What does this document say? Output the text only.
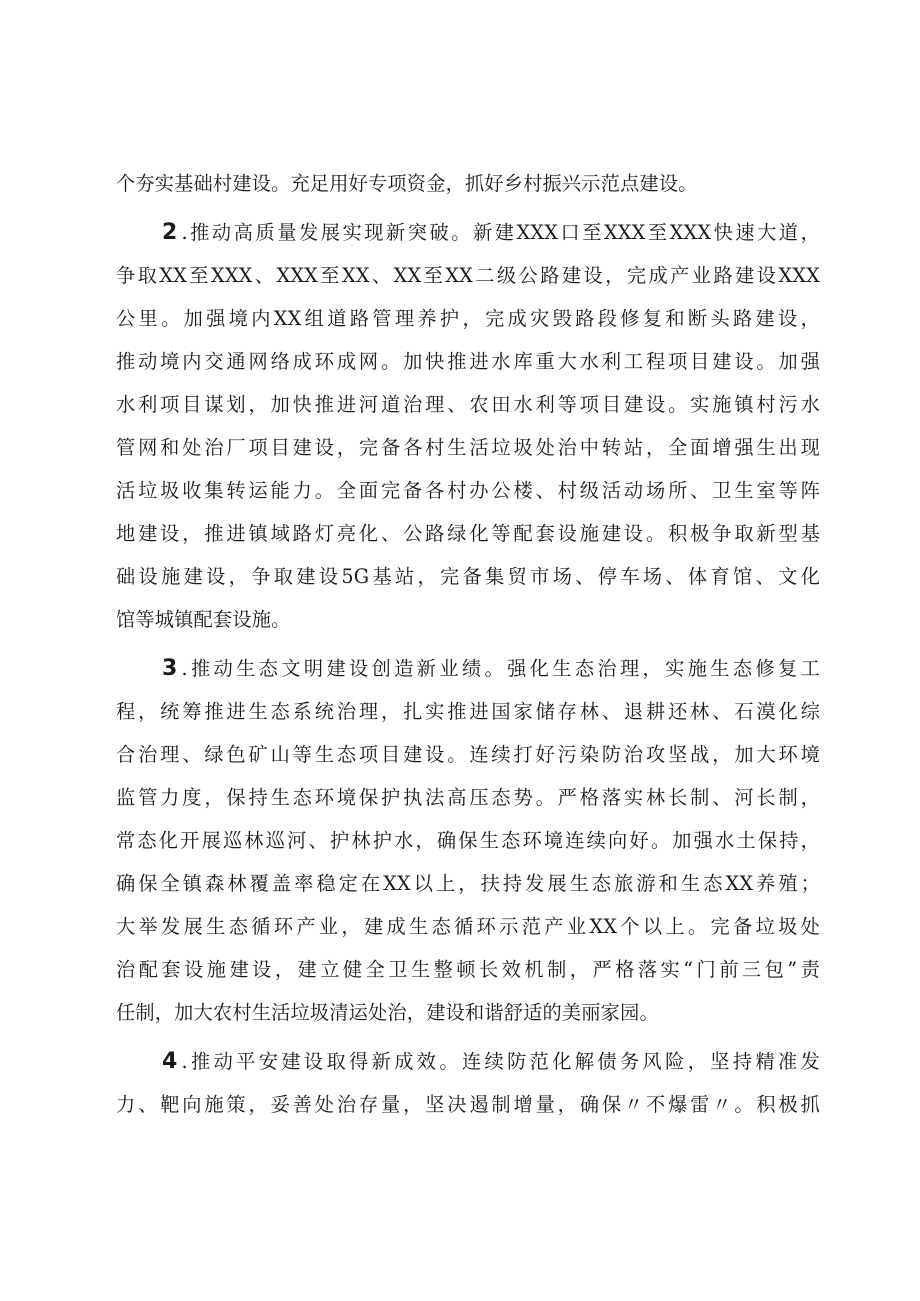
个夯实基础村建设。充足用好专项资金，抓好乡村振兴示范点建设。
2 .推动高质量发展实现新突破。新建XXX口至XXX至XXX快速大道，
争取XX至XXX、XXX至XX、XX至XX二级公路建设，完成产业路建设XXX
公里。加强境内XX组道路管理养护，完成灾毁路段修复和断头路建设，
推动境内交通网络成环成网。加快推进水库重大水利工程项目建设。加强
水利项目谋划，加快推进河道治理、农田水利等项目建设。实施镇村污水
管网和处治厂项目建设，完备各村生活垃圾处治中转站，全面增强生出现
活垃圾收集转运能力。全面完备各村办公楼、村级活动场所、卫生室等阵
地建设，推进镇域路灯亮化、公路绿化等配套设施建设。积极争取新型基
础设施建设，争取建设5G基站，完备集贸市场、停车场、体育馆、文化
馆等城镇配套设施。
3 .推动生态文明建设创造新业绩。强化生态治理，实施生态修复工
程，统筹推进生态系统治理，扎实推进国家储存林、退耕还林、石漠化综
合治理、绿色矿山等生态项目建设。连续打好污染防治攻坚战，加大环境
监管力度，保持生态环境保护执法高压态势。严格落实林长制、河长制，
常态化开展巡林巡河、护林护水，确保生态环境连续向好。加强水土保持，
确保全镇森林覆盖率稳定在XX以上，扶持发展生态旅游和生态XX养殖；
大举发展生态循环产业，建成生态循环示范产业XX个以上。完备垃圾处
治配套设施建设，建立健全卫生整顿长效机制，严格落实“门前三包”责
任制，加大农村生活垃圾清运处治，建设和谐舒适的美丽家园。
4 .推动平安建设取得新成效。连续防范化解债务风险，坚持精准发
力、靶向施策，妥善处治存量，坚决遏制增量，确保〃不爆雷〃。积极抓
